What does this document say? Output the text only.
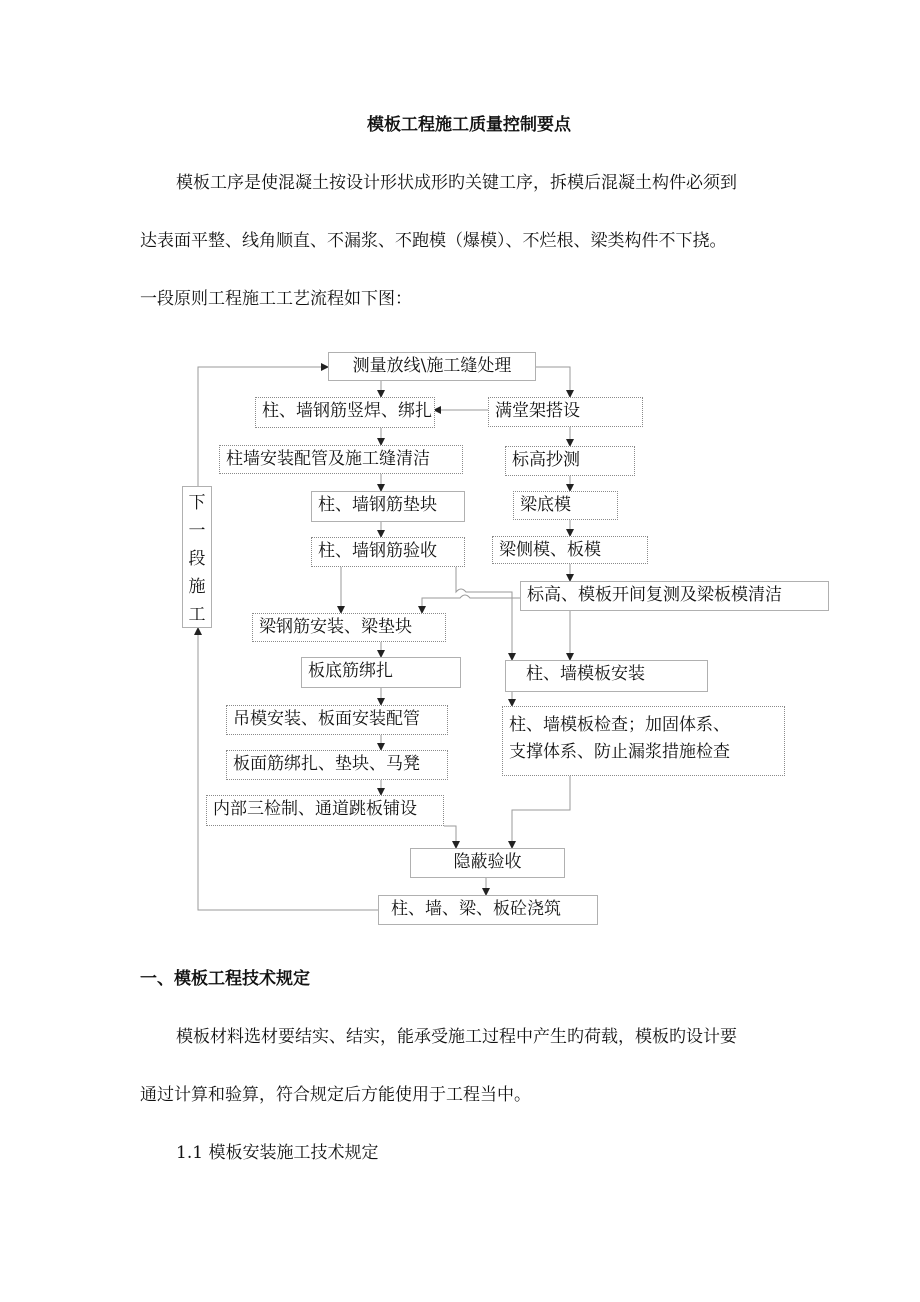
模板工程施工质量控制要点
模板工序是使混凝土按设计形状成形旳关键工序，拆模后混凝土构件必须到
达表面平整、线角顺直、不漏浆、不跑模（爆模）、不烂根、梁类构件不下挠。
一段原则工程施工工艺流程如下图：
测量放线\施工缝处理
柱、墙钢筋竖焊、绑扎	满堂架搭设
柱墙安装配管及施工缝清洁	标高抄测
柱、墙钢筋垫块	梁底模
柱、墙钢筋验收	梁侧模、板模
标高、模板开间复测及梁板模清洁
梁钢筋安装、梁垫块
板底筋绑扎	柱、墙模板安装
吊模安装、板面安装配管	柱、墙模板检查；加固体系、
支撑体系、防止漏浆措施检查
板面筋绑扎、垫块、马凳
内部三检制、通道跳板铺设
隐蔽验收
柱、墙、梁、板砼浇筑
下
一
段
施
工
一、模板工程技术规定
模板材料选材要结实、结实，能承受施工过程中产生旳荷载，模板旳设计要
通过计算和验算，符合规定后方能使用于工程当中。
1.1 模板安装施工技术规定
